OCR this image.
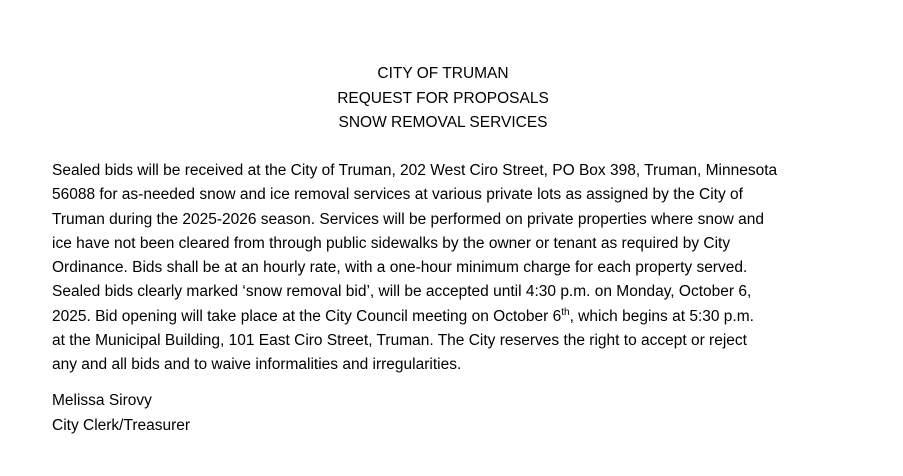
CITY OF TRUMAN
REQUEST FOR PROPOSALS
SNOW REMOVAL SERVICES
Sealed bids will be received at the City of Truman, 202 West Ciro Street, PO Box 398, Truman, Minnesota
56088 for as-needed snow and ice removal services at various private lots as assigned by the City of
Truman during the 2025-2026 season. Services will be performed on private properties where snow and
ice have not been cleared from through public sidewalks by the owner or tenant as required by City
Ordinance. Bids shall be at an hourly rate, with a one-hour minimum charge for each property served.
Sealed bids clearly marked ‘snow removal bid’, will be accepted until 4:30 p.m. on Monday, October 6,
2025. Bid opening will take place at the City Council meeting on October 6th, which begins at 5:30 p.m.
at the Municipal Building, 101 East Ciro Street, Truman. The City reserves the right to accept or reject
any and all bids and to waive informalities and irregularities.
Melissa Sirovy
City Clerk/Treasurer
